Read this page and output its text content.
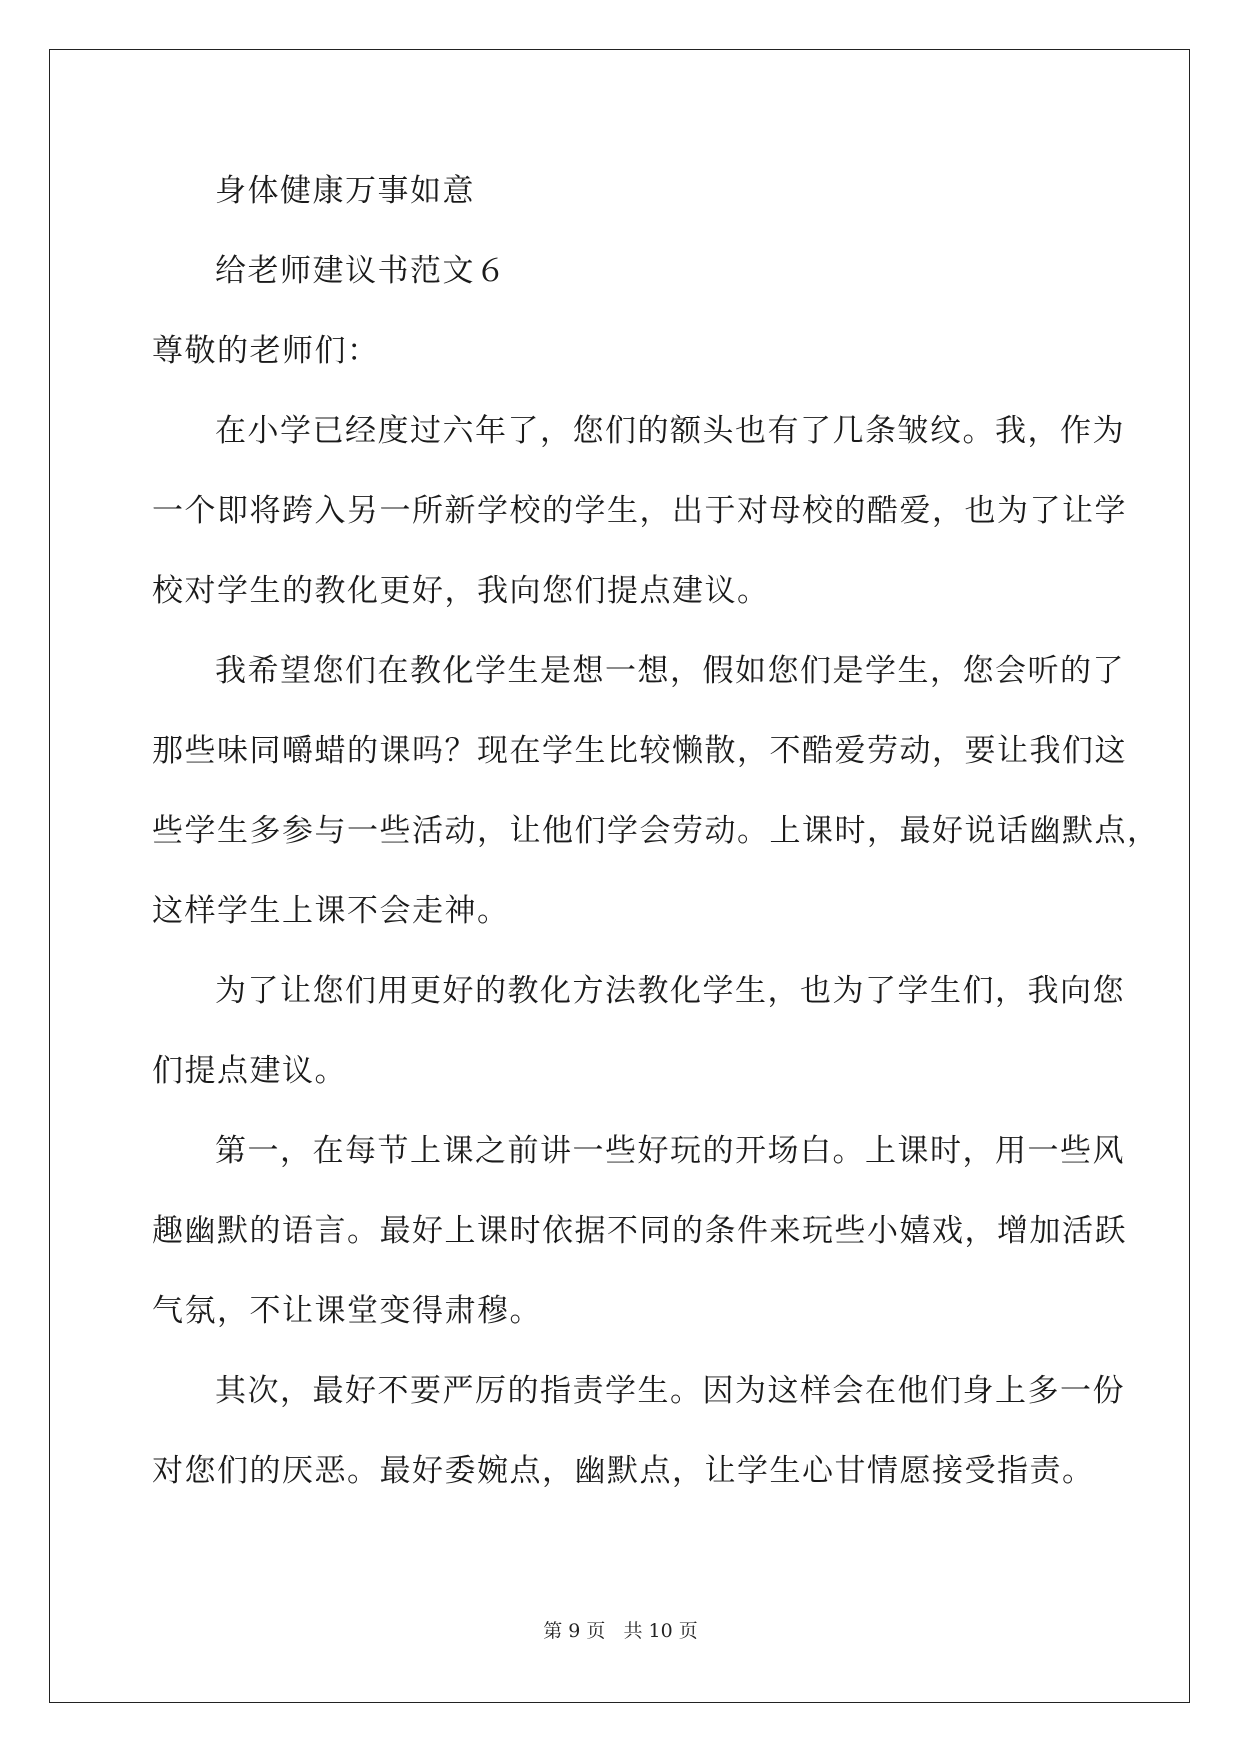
身体健康万事如意
给老师建议书范文６
尊敬的老师们：
在小学已经度过六年了，您们的额头也有了几条皱纹。我，作为
一个即将跨入另一所新学校的学生，出于对母校的酷爱，也为了让学
校对学生的教化更好，我向您们提点建议。
我希望您们在教化学生是想一想，假如您们是学生，您会听的了
那些味同嚼蜡的课吗？现在学生比较懒散，不酷爱劳动，要让我们这
些学生多参与一些活动，让他们学会劳动。上课时，最好说话幽默点，
这样学生上课不会走神。
为了让您们用更好的教化方法教化学生，也为了学生们，我向您
们提点建议。
第一，在每节上课之前讲一些好玩的开场白。上课时，用一些风
趣幽默的语言。最好上课时依据不同的条件来玩些小嬉戏，增加活跃
气氛，不让课堂变得肃穆。
其次，最好不要严厉的指责学生。因为这样会在他们身上多一份
对您们的厌恶。最好委婉点，幽默点，让学生心甘情愿接受指责。
第 9 页 共 10 页
